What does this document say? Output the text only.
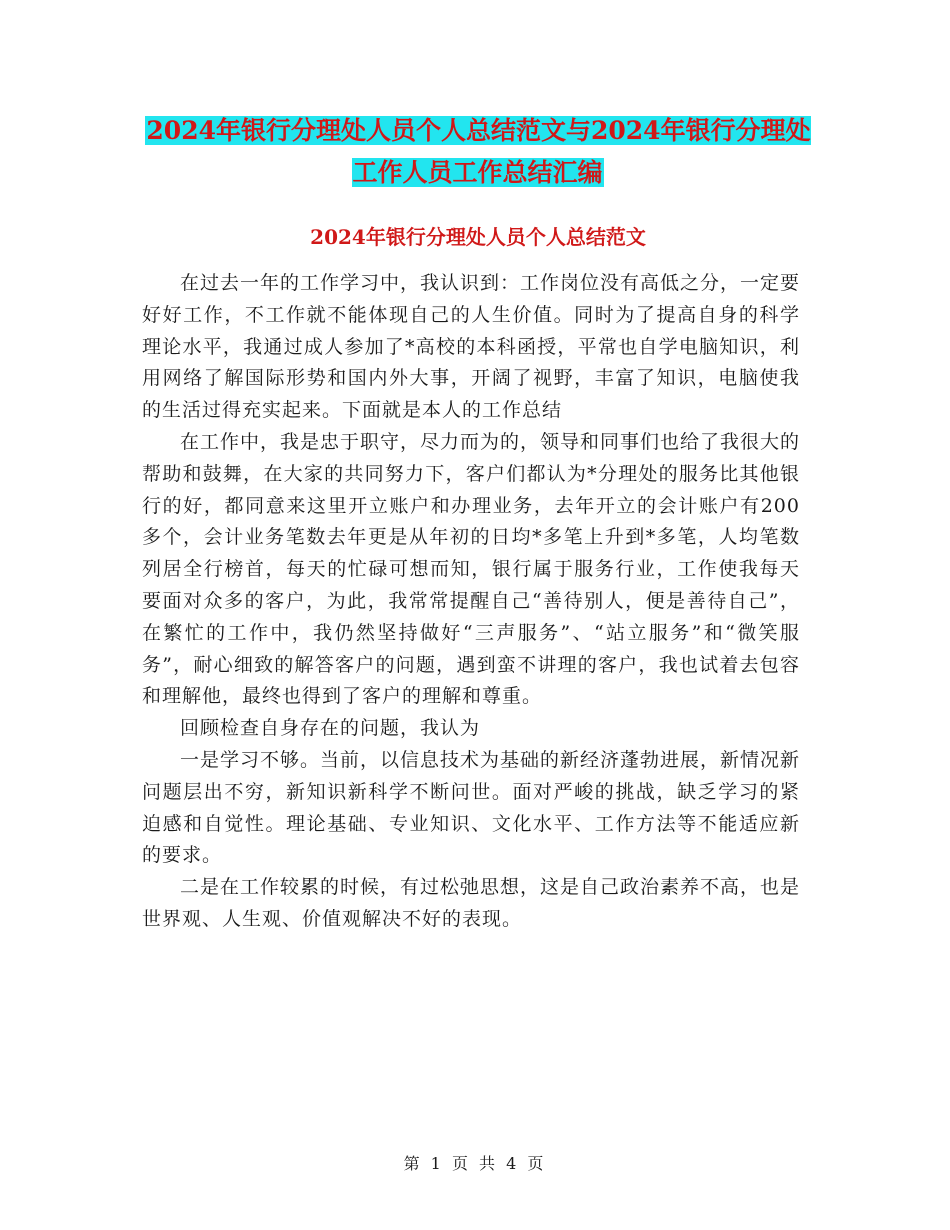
2024年银行分理处人员个人总结范文与2024年银行分理处工作人员工作总结汇编
2024年银行分理处人员个人总结范文

在过去一年的工作学习中，我认识到：工作岗位没有高低之分，一定要好好工作，不工作就不能体现自己的人生价值。同时为了提高自身的科学理论水平，我通过成人参加了*高校的本科函授，平常也自学电脑知识，利用网络了解国际形势和国内外大事，开阔了视野，丰富了知识，电脑使我的生活过得充实起来。下面就是本人的工作总结

在工作中，我是忠于职守，尽力而为的，领导和同事们也给了我很大的帮助和鼓舞，在大家的共同努力下，客户们都认为*分理处的服务比其他银行的好，都同意来这里开立账户和办理业务，去年开立的会计账户有200多个，会计业务笔数去年更是从年初的日均*多笔上升到*多笔，人均笔数列居全行榜首，每天的忙碌可想而知，银行属于服务行业，工作使我每天要面对众多的客户，为此，我常常提醒自己“善待别人，便是善待自己”，在繁忙的工作中，我仍然坚持做好“三声服务”、“站立服务”和“微笑服务”，耐心细致的解答客户的问题，遇到蛮不讲理的客户，我也试着去包容和理解他，最终也得到了客户的理解和尊重。

回顾检查自身存在的问题，我认为

一是学习不够。当前，以信息技术为基础的新经济蓬勃进展，新情况新问题层出不穷，新知识新科学不断问世。面对严峻的挑战，缺乏学习的紧迫感和自觉性。理论基础、专业知识、文化水平、工作方法等不能适应新的要求。

二是在工作较累的时候，有过松弛思想，这是自己政治素养不高，也是世界观、人生观、价值观解决不好的表现。

第 1 页 共 4 页
